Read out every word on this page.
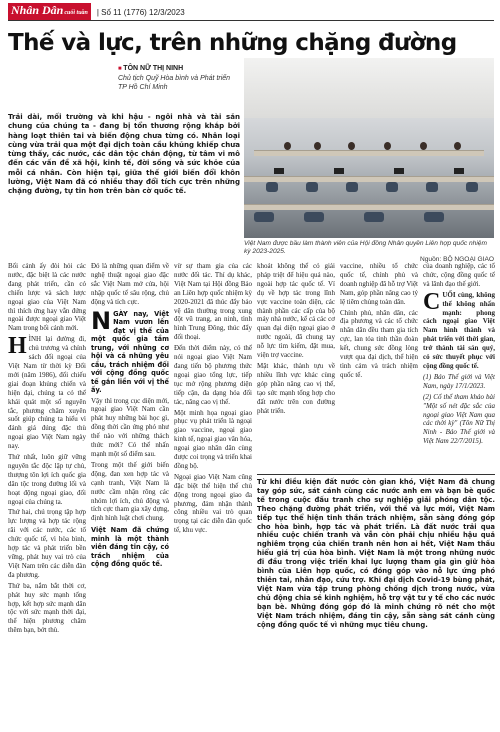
Nhân Dâncuối tuần	| Số 11 (1776) 12/3/2023
Thế và lực, trên những chặng đường
■ TÔN NỮ THỊ NINH
Chủ tịch Quỹ Hòa bình và Phát triển TP Hồ Chí Minh
Việt Nam được bầu làm thành viên của Hội đồng Nhân quyền Liên hợp quốc nhiệm kỳ 2023-2025.
Nguồn: BỘ NGOẠI GIAO
Trải dài, mối trường và khi hậu - ngôi nhà và tài sản chung của chúng ta - đang bị tổn thương rộng khắp bởi hàng loạt thiên tai và biến động chưa từng có. Nhân loại cùng vừa trải qua một đại dịch toàn cầu khủng khiếp chưa từng thấy, các nước, các dân tộc chắn động, từ tâm vi mô đến các vấn đề xã hội, kinh tế, đời sống và sức khỏe của mỗi cá nhân. Còn hiện tại, giữa thế giới biến đổi khôn lường, Việt Nam đã có nhiều thay đổi tích cực trên những chặng đường, tự tin hơn trên bàn cờ quốc tế.

Bối cảnh ấy đòi hỏi các nước, đặc biệt là các nước đang phát triển, cần có chiến lược và sách lược ngoại giao của Việt Nam thì thích ứng hay vẫn đứng ngoài được ngoại giao Việt Nam trong bối cảnh mới.

HÌNH lại đường đi, chủ trương và chính sách đối ngoại của Việt Nam từ thời kỳ Đổi mới (năm 1986), đối chiếu giai đoạn khủng chiến và hiện đại, chúng ta có thể khái quát một số nguyên tắc, phương châm xuyên suốt giúp chúng ta hiểu vì đánh giá đúng đặc thù ngoại giao Việt Nam ngày nay.

Thứ nhất, luôn giữ vững nguyên tắc độc lập tự chủ, thượng tôn lợi ích quốc gia dân tộc trong đường lối và hoạt động ngoại giao, đối ngoại của chúng ta.

Thứ hai, chú trọng tập hợp lực lượng và hợp tác rộng rãi với các nước, các tổ chức quốc tế, vì hòa bình, hợp tác và phát triển bền vững, phát huy vai trò của Việt Nam trên các diễn đàn đa phương.

Thứ ba, nắm bắt thời cơ, phát huy sức mạnh tổng hợp, kết hợp sức mạnh dân tộc với sức mạnh thời đại, thể hiện phương châm thêm bạn, bớt thù.

Đó là những quan điểm về nghệ thuật ngoại giao đặc sắc Việt Nam mở cửa, hội nhập quốc tế sâu rộng, chủ động và tích cực.

NGÀY nay, Việt Nam vươn lên đạt vị thế của một quốc gia tầm trung, với những cơ hội và cả những yêu cầu, trách nhiệm đối với cộng đồng quốc tế gắn liền với vị thế ấy.

Vậy thì trong cục diện mới, ngoại giao Việt Nam cần phát huy những bài học gì, đồng thời cần ứng phó như thế nào với những thách thức mới? Có thể nhấn mạnh một số điểm sau.

Trong một thế giới biến động, đan xen hợp tác và cạnh tranh, Việt Nam là nước cầm nhận rõng các nhóm lợi ích, chủ động và tích cực tham gia xây dựng, định hình luật chơi chung.

Việt Nam đã chứng minh là một thành viên đáng tin cậy, có trách nhiệm của cộng đồng quốc tế.

vừ sự tham gia của các nước đối tác. Thí dụ khác, Việt Nam tại Hội đồng Bảo an Liên hợp quốc nhiệm kỳ 2020-2021 đã thúc đẩy bảo vệ dân thường trong xung đột vũ trang, an ninh, tình hình Trung Đông, thúc đẩy đối thoại.

Đến thời điểm này, có thể nói ngoại giao Việt Nam đang tiến bộ phương thức ngoại giao tổng lực, tiếp tục mở rộng phương diện tiếp cận, đa dạng hóa đối tác, nâng cao vị thế.

Một minh họa ngoại giao phục vụ phát triển là ngoại giao vaccine, ngoại giao kinh tế, ngoại giao văn hóa, ngoại giao nhân dân cùng được coi trọng và triển khai đồng bộ.

Ngoại giao Việt Nam cũng đặc biệt thể hiện thế chủ động trong ngoại giao đa phương, đảm nhận thành công nhiều vai trò quan trọng tại các diễn đàn quốc tế, khu vực.

khoát không thể có giải pháp triệt để hiệu quả nào, ngoài hợp tác quốc tế. Ví dụ về hợp tác trong lĩnh vực vaccine toàn diện, các thành phần các cấp của bộ máy nhà nước, kể cả các cơ quan đại diện ngoại giao ở nước ngoài, đã chung tay nỗ lực tìm kiếm, đặt mua, viện trợ vaccine.

Mặt khác, thành tựu về nhiều lĩnh vực khác cùng góp phần nâng cao vị thế, tạo sức mạnh tổng hợp cho đất nước trên con đường phát triển.

vaccine, nhiều tổ chức quốc tế, chính phủ và doanh nghiệp đã hỗ trợ Việt Nam, góp phần nâng cao tỷ lệ tiêm chủng toàn dân.

Chính phủ, nhân dân, các địa phương và các tổ chức nhân dân đều tham gia tích cực, lan tỏa tinh thần đoàn kết, chung sức đồng lòng vượt qua đại dịch, thể hiện tình cảm và trách nhiệm quốc tế.

của doanh nghiệp, các tổ chức, cộng đồng quốc tế và lãnh đạo thế giới.

CUỐI cùng, không thể không nhấn mạnh: phong cách ngoại giao Việt Nam hình thành và phát triển với thời gian, trở thành tài sản quý, có sức thuyết phục với cộng đồng quốc tế.

(1) Báo Thế giới và Việt Nam, ngày 17/1/2023.

(2) Cổ thể tham khảo bài "Một số nét đặc sắc của ngoại giao Việt Nam qua các thời kỳ" (Tôn Nữ Thị Ninh - Báo Thế giới và Việt Nam 22/7/2015).

Từ khi điều kiện đất nước còn gian khó, Việt Nam đã chung tay góp sức, sát cánh cùng các nước anh em và bạn bè quốc tế trong cuộc đấu tranh cho sự nghiệp giải phóng dân tộc. Theo chặng đường phát triển, với thế và lực mới, Việt Nam tiếp tục thể hiện tinh thần trách nhiệm, sẵn sàng đóng góp cho hòa bình, hợp tác và phát triển. Là đất nước trải qua nhiều cuộc chiến tranh và vẫn còn phải chịu nhiều hậu quả nghiêm trọng của chiến tranh nên hơn ai hết, Việt Nam thấu hiểu giá trị của hòa bình. Việt Nam là một trong những nước đi đầu trong việc triển khai lực lượng tham gia gìn giữ hòa bình của Liên hợp quốc, có đóng góp vào nỗ lực ứng phó thiên tai, nhân đạo, cứu trợ. Khi đại dịch Covid-19 bùng phát, Việt Nam vừa tập trung phòng chống dịch trong nước, vừa chủ động chia sẻ kinh nghiệm, hỗ trợ vật tư y tế cho các nước bạn bè. Những đóng góp đó là minh chứng rõ nét cho một Việt Nam trách nhiệm, đáng tin cậy, sẵn sàng sát cánh cùng cộng đồng quốc tế vì những mục tiêu chung.
